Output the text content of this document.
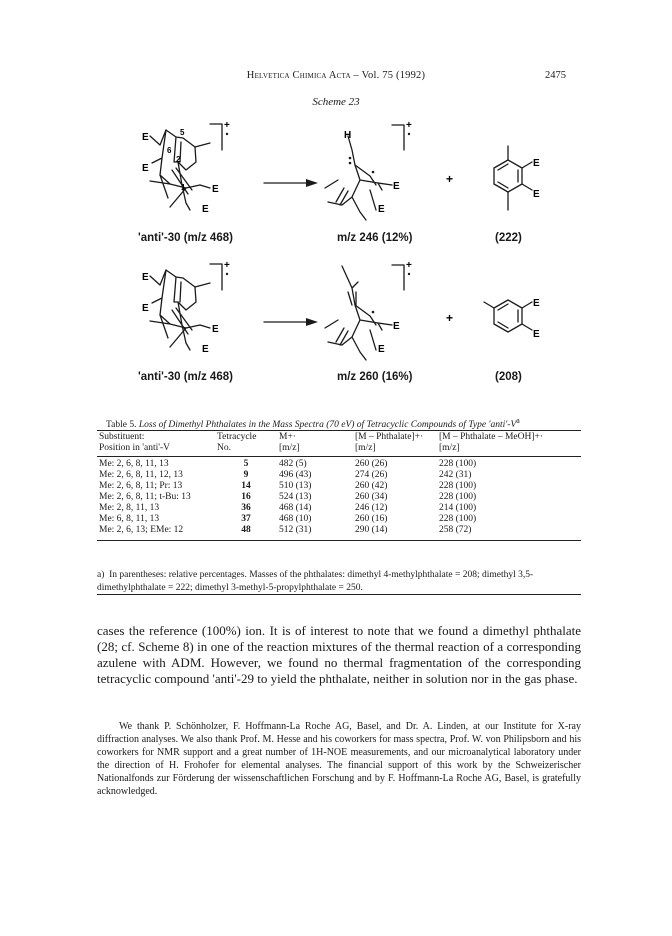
Helvetica Chimica Acta – Vol. 75 (1992)	2475
Scheme 23
+	+
+	+
E	5
6
2
E
1	E
E
H
E
E
E
E
E
E
E
E
E
E
E
E
+
+
'anti'-30 (m/z 468)	m/z 246 (12%)	(222)
'anti'-30 (m/z 468)	m/z 260 (16%)	(208)
Table 5. Loss of Dimethyl Phthalates in the Mass Spectra (70 eV) of Tetracyclic Compounds of Type '$anti'-V^a$
Substituent:	Tetracycle	M+·	[M – Phthalate]+·	[M – Phthalate – MeOH]+·
Position in 'anti'-V	No.	[m/z]	[m/z]	[m/z]
Me: 2, 6, 8, 11, 13	5	482 (5)	260 (26)	228 (100)
Me: 2, 6, 8, 11, 12, 13	9	496 (43)	274 (26)	242 (31)
Me: 2, 6, 8, 11; Pr: 13	14	510 (13)	260 (42)	228 (100)
Me: 2, 6, 8, 11; t-Bu: 13	16	524 (13)	260 (34)	228 (100)
Me: 2, 8, 11, 13	36	468 (14)	246 (12)	214 (100)
Me: 6, 8, 11, 13	37	468 (10)	260 (16)	228 (100)
Me: 2, 6, 13; EMe: 12	48	512 (31)	290 (14)	258 (72)
a) In parentheses: relative percentages. Masses of the phthalates: dimethyl 4-methylphthalate = 208; dimethyl 3,5-dimethylphthalate = 222; dimethyl 3-methyl-5-propylphthalate = 250.

cases the reference (100%) ion. It is of interest to note that we found a dimethyl phthalate (28; cf. Scheme 8) in one of the reaction mixtures of the thermal reaction of a corresponding azulene with ADM. However, we found no thermal fragmentation of the corresponding tetracyclic compound 'anti'-29 to yield the phthalate, neither in solution nor in the gas phase.

We thank P. Schönholzer, F. Hoffmann-La Roche AG, Basel, and Dr. A. Linden, at our Institute for X-ray diffraction analyses. We also thank Prof. M. Hesse and his coworkers for mass spectra, Prof. W. von Philipsborn and his coworkers for NMR support and a great number of 1H-NOE measurements, and our microanalytical laboratory under the direction of H. Frohofer for elemental analyses. The financial support of this work by the Schweizerischer Nationalfonds zur Förderung der wissenschaftlichen Forschung and by F. Hoffmann-La Roche AG, Basel, is gratefully acknowledged.
